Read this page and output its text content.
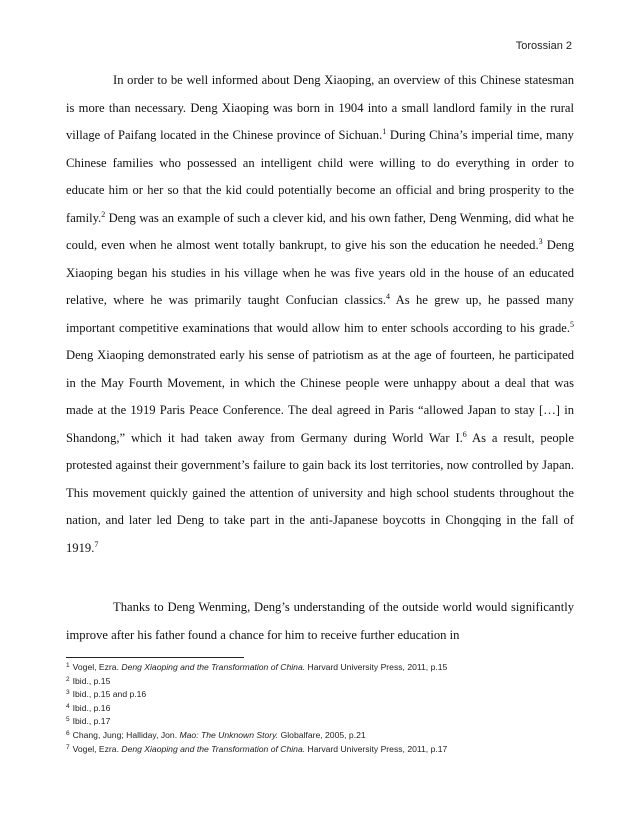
Torossian 2

In order to be well informed about Deng Xiaoping, an overview of this Chinese statesman is more than necessary. Deng Xiaoping was born in 1904 into a small landlord family in the rural village of Paifang located in the Chinese province of Sichuan.$^1$ During China’s imperial time, many Chinese families who possessed an intelligent child were willing to do everything in order to educate him or her so that the kid could potentially become an official and bring prosperity to the family.$^2$ Deng was an example of such a clever kid, and his own father, Deng Wenming, did what he could, even when he almost went totally bankrupt, to give his son the education he needed.$^3$ Deng Xiaoping began his studies in his village when he was five years old in the house of an educated relative, where he was primarily taught Confucian classics.$^4$ As he grew up, he passed many important competitive examinations that would allow him to enter schools according to his grade.$^5$ Deng Xiaoping demonstrated early his sense of patriotism as at the age of fourteen, he participated in the May Fourth Movement, in which the Chinese people were unhappy about a deal that was made at the 1919 Paris Peace Conference. The deal agreed in Paris “allowed Japan to stay […] in Shandong,” which it had taken away from Germany during World War I.$^6$ As a result, people protested against their government’s failure to gain back its lost territories, now controlled by Japan. This movement quickly gained the attention of university and high school students throughout the nation, and later led Deng to take part in the anti-Japanese boycotts in Chongqing in the fall of 1919.$^7$

Thanks to Deng Wenming, Deng’s understanding of the outside world would significantly improve after his father found a chance for him to receive further education in

$^1$ Vogel, Ezra. Deng Xiaoping and the Transformation of China. Harvard University Press, 2011, p.15
$^2$ Ibid., p.15
$^3$ Ibid., p.15 and p.16
$^4$ Ibid., p.16
$^5$ Ibid., p.17
$^6$ Chang, Jung; Halliday, Jon. Mao: The Unknown Story. Globalfare, 2005, p.21
$^7$ Vogel, Ezra. Deng Xiaoping and the Transformation of China. Harvard University Press, 2011, p.17
